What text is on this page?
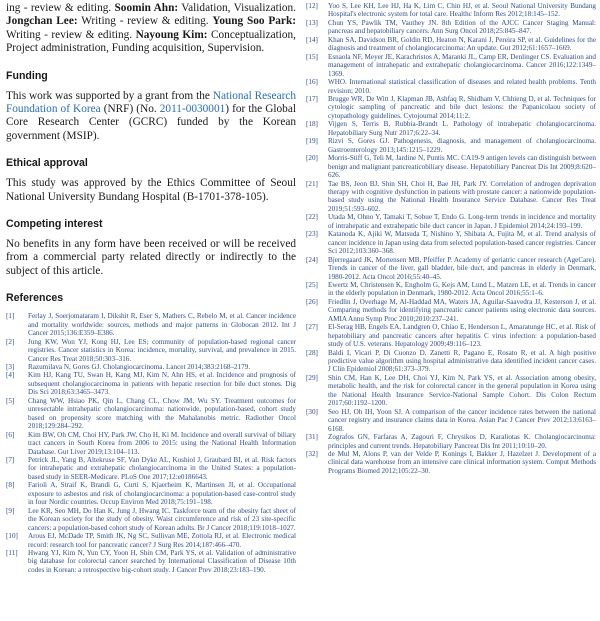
ing - review & editing. Soomin Ahn: Validation, Visualization. Jongchan Lee: Writing - review & editing. Young Soo Park: Writing - review & editing. Nayoung Kim: Conceptualization, Project administration, Funding acquisition, Supervision.

Funding

This work was supported by a grant from the National Research Foundation of Korea (NRF) (No. 2011-0030001) for the Global Core Research Center (GCRC) funded by the Korean government (MSIP).

Ethical approval

This study was approved by the Ethics Committee of Seoul National University Bundang Hospital (B-1701-378-105).

Competing interest

No benefits in any form have been received or will be received from a commercial party related directly or indirectly to the subject of this article.

References
[1] Ferlay J, Soerjomataram I, Dikshit R, Eser S, Mathers C, Rebelo M, et al. Cancer incidence and mortality worldwide: sources, methods and major patterns in Globocan 2012. Int J Cancer 2015;136:E359–E386.
[2] Jung KW, Won YJ, Kong HJ, Lee ES; community of population-based regional cancer registries. Cancer statistics in Korea: incidence, mortality, survival, and prevalence in 2015. Cancer Res Treat 2018;50:303–316.
[3] Razumilava N, Gores GJ. Cholangiocarcinoma. Lancet 2014;383:2168–2179.
[4] Kim HJ, Kang TU, Swan H, Kang MJ, Kim N, Ahn HS, et al. Incidence and prognosis of subsequent cholangiocarcinoma in patients with hepatic resection for bile duct stones. Dig Dis Sci 2018;63:3465–3473.
[5] Chang WW, Hsiao PK, Qin L, Chang CL, Chow JM, Wu SY. Treatment outcomes for unresectable intrahepatic cholangiocarcinoma: nationwide, population-based, cohort study based on propensity score matching with the Mahalanobis metric. Radiother Oncol 2018;129:284–292.
[6] Kim BW, Oh CM, Choi HY, Park JW, Cho H, Ki M. Incidence and overall survival of biliary tract cancers in South Korea from 2006 to 2015: using the National Health Information Database. Gut Liver 2019;13:104–113.
[7] Petrick JL, Yang B, Altekruse SF, Van Dyke AL, Koshiol J, Graubard BI, et al. Risk factors for intrahepatic and extrahepatic cholangiocarcinoma in the United States: a population-based study in SEER-Medicare. PLoS One 2017;12:e0186643.
[8] Farioli A, Straif K, Brandi G, Curti S, Kjaerheim K, Martinsen JI, et al. Occupational exposure to asbestos and risk of cholangiocarcinoma: a population-based case-control study in four Nordic countries. Occup Environ Med 2018;75:191–198.
[9] Lee KR, Seo MH, Do Han K, Jung J, Hwang IC. Taskforce team of the obesity fact sheet of the Korean society for the study of obesity. Waist circumference and risk of 23 site-specific cancers: a population-based cohort study of Korean adults. Br J Cancer 2018;119:1018–1027.
[10] Arous EJ, McDade TP, Smith JK, Ng SC, Sullivan ME, Zottola RJ, et al. Electronic medical record: research tool for pancreatic cancer? J Surg Res 2014;187:466–470.
[11] Hwang YJ, Kim N, Yun CY, Yoon H, Shin CM, Park YS, et al. Validation of administrative big database for colorectal cancer searched by International Classification of Disease 10th codes in Korean: a retrospective big-cohort study. J Cancer Prev 2018;23:183–190.
[12] Yoo S, Lee KH, Lee HJ, Ha K, Lim C, Chin HJ, et al. Seoul National University Bundang Hospital's electronic system for total care. Healthc Inform Res 2012;18:145–152.
[13] Chun YS, Pawlik TM, Vauthey JN. 8th Edition of the AJCC Cancer Staging Manual: pancreas and hepatobiliary cancers. Ann Surg Oncol 2018;25:845–847.
[14] Khan SA, Davidson BR, Goldin RD, Heaton N, Karani J, Pereira SP, et al. Guidelines for the diagnosis and treatment of cholangiocarcinoma: An update. Gut 2012;61:1657–1669.
[15] Esnaola NF, Meyer JE, Karachristos A, Maranki JL, Camp ER, Denlinger CS. Evaluation and management of intrahepatic and extrahepatic cholangiocarcinoma. Cancer 2016;122:1349–1369.
[16] WHO. International statistical classification of diseases and related health problems. Tenth revision; 2010.
[17] Brugge WR, De Witt J, Klapman JB, Ashfaq R, Shidham V, Chhieng D, et al. Techniques for cytologic sampling of pancreatic and bile duct lesions: the Papanicolaou society of cytopathology guidelines. Cytojournal 2014;11:2.
[18] Vijgen S, Terris B, Rubbia-Brandt L. Pathology of intrahepatic cholangiocarcinoma. Hepatobiliary Surg Nutr 2017;6:22–34.
[19] Rizvi S, Gores GJ. Pathogenesis, diagnosis, and management of cholangiocarcinoma. Gastroenterology 2013;145:1215–1229.
[20] Morris-Stiff G, Teli M, Jardine N, Puntis MC. CA19-9 antigen levels can distinguish between benign and malignant pancreaticobiliary disease. Hepatobiliary Pancreat Dis Int 2009;8:620–626.
[21] Tae BS, Jeon BJ, Shin SH, Choi H, Bae JH, Park JY. Correlation of androgen deprivation therapy with cognitive dysfunction in patients with prostate cancer: a nationwide population-based study using the National Health Insurance Service Database. Cancer Res Treat 2019;51:593–602.
[22] Utada M, Ohno Y, Tamaki T, Sobue T, Endo G. Long-term trends in incidence and mortality of intrahepatic and extrahepatic bile duct cancer in Japan. J Epidemiol 2014;24:193–199.
[23] Katanoda K, Ajiki W, Matsuda T, Nishino Y, Shibata A, Fujita M, et al. Trend analysis of cancer incidence in Japan using data from selected population-based cancer registries. Cancer Sci 2012;103:360–368.
[24] Bjerregaard JK, Mortensen MB, Pfeiffer P. Academy of geriatric cancer research (AgeCare). Trends in cancer of the liver, gall bladder, bile duct, and pancreas in elderly in Denmark, 1980-2012. Acta Oncol 2016;55:40–45.
[25] Ewertz M, Christensen K, Engholm G, Kejs AM, Lund L, Matzen LE, et al. Trends in cancer in the elderly population in Denmark, 1980-2012. Acta Oncol 2016;55:1–6.
[26] Friedlin J, Overhage M, Al-Haddad MA, Waters JA, Aguilar-Saavedra JJ, Kesterson J, et al. Comparing methods for identifying pancreatic cancer patients using electronic data sources. AMIA Annu Symp Proc 2010;2010:237–241.
[27] El-Serag HB, Engels EA, Landgren O, Chiao E, Henderson L, Amaratunge HC, et al. Risk of hepatobiliary and pancreatic cancers after hepatitis C virus infection: a population-based study of U.S. veterans. Hepatology 2009;49:116–123.
[28] Baldi I, Vicari P, Di Cuonzo D, Zanetti R, Pagano E, Rosato R, et al. A high positive predictive value algorithm using hospital administrative data identified incident cancer cases. J Clin Epidemiol 2008;61:373–379.
[29] Shin CM, Han K, Lee DH, Choi YJ, Kim N, Park YS, et al. Association among obesity, metabolic health, and the risk for colorectal cancer in the general population in Korea using the National Health Insurance Service-National Sample Cohort. Dis Colon Rectum 2017;60:1192–1200.
[30] Seo HJ, Oh IH, Yoon SJ. A comparison of the cancer incidence rates between the national cancer registry and insurance claims data in Korea. Asian Pac J Cancer Prev 2012;13:6163–6168.
[31] Zografos GN, Farfaras A, Zagouri F, Chrysikos D, Karaliotas K. Cholangiocarcinoma: principles and current trends. Hepatobiliary Pancreat Dis Int 2011;10:10–20.
[32] de Mul M, Alons P, van der Velde P, Konings I, Bakker J, Hazelzet J. Development of a clinical data warehouse from an intensive care clinical information system. Comput Methods Programs Biomed 2012;105:22–30.
